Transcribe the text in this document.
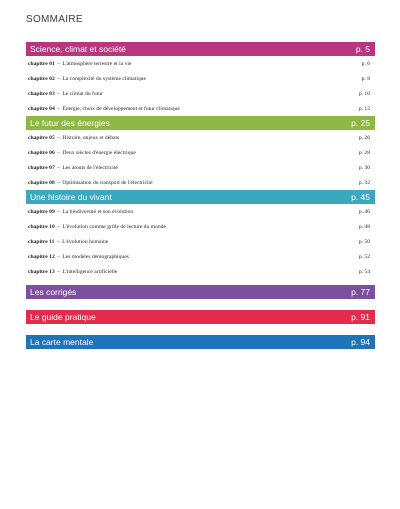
SOMMAIRE
Science, climat et société	p. 5
chapitre 01 – L'atmosphère terrestre et la vie	p. 6
chapitre 02 – La complexité du système climatique	p. 8
chapitre 03 – Le climat du futur	p. 10
chapitre 04 – Énergie, choix de développement et futur climatique	p. 12
Le futur des énergies	p. 25
chapitre 05 – Histoire, enjeux et débats	p. 26
chapitre 06 – Deux siècles d'énergie électrique	p. 28
chapitre 07 – Les atouts de l'électricité	p. 30
chapitre 08 – Optimisation du transport de l'électricité	p. 32
Une histoire du vivant	p. 45
chapitre 09 – La biodiversité et son évolution	p. 46
chapitre 10 – L'évolution comme grille de lecture du monde	p. 48
chapitre 11 – L'évolution humaine	p. 50
chapitre 12 – Les modèles démographiques	p. 52
chapitre 13 – L'intelligence artificielle	p. 54
Les corrigés	p. 77
Le guide pratique	p. 91
La carte mentale	p. 94
